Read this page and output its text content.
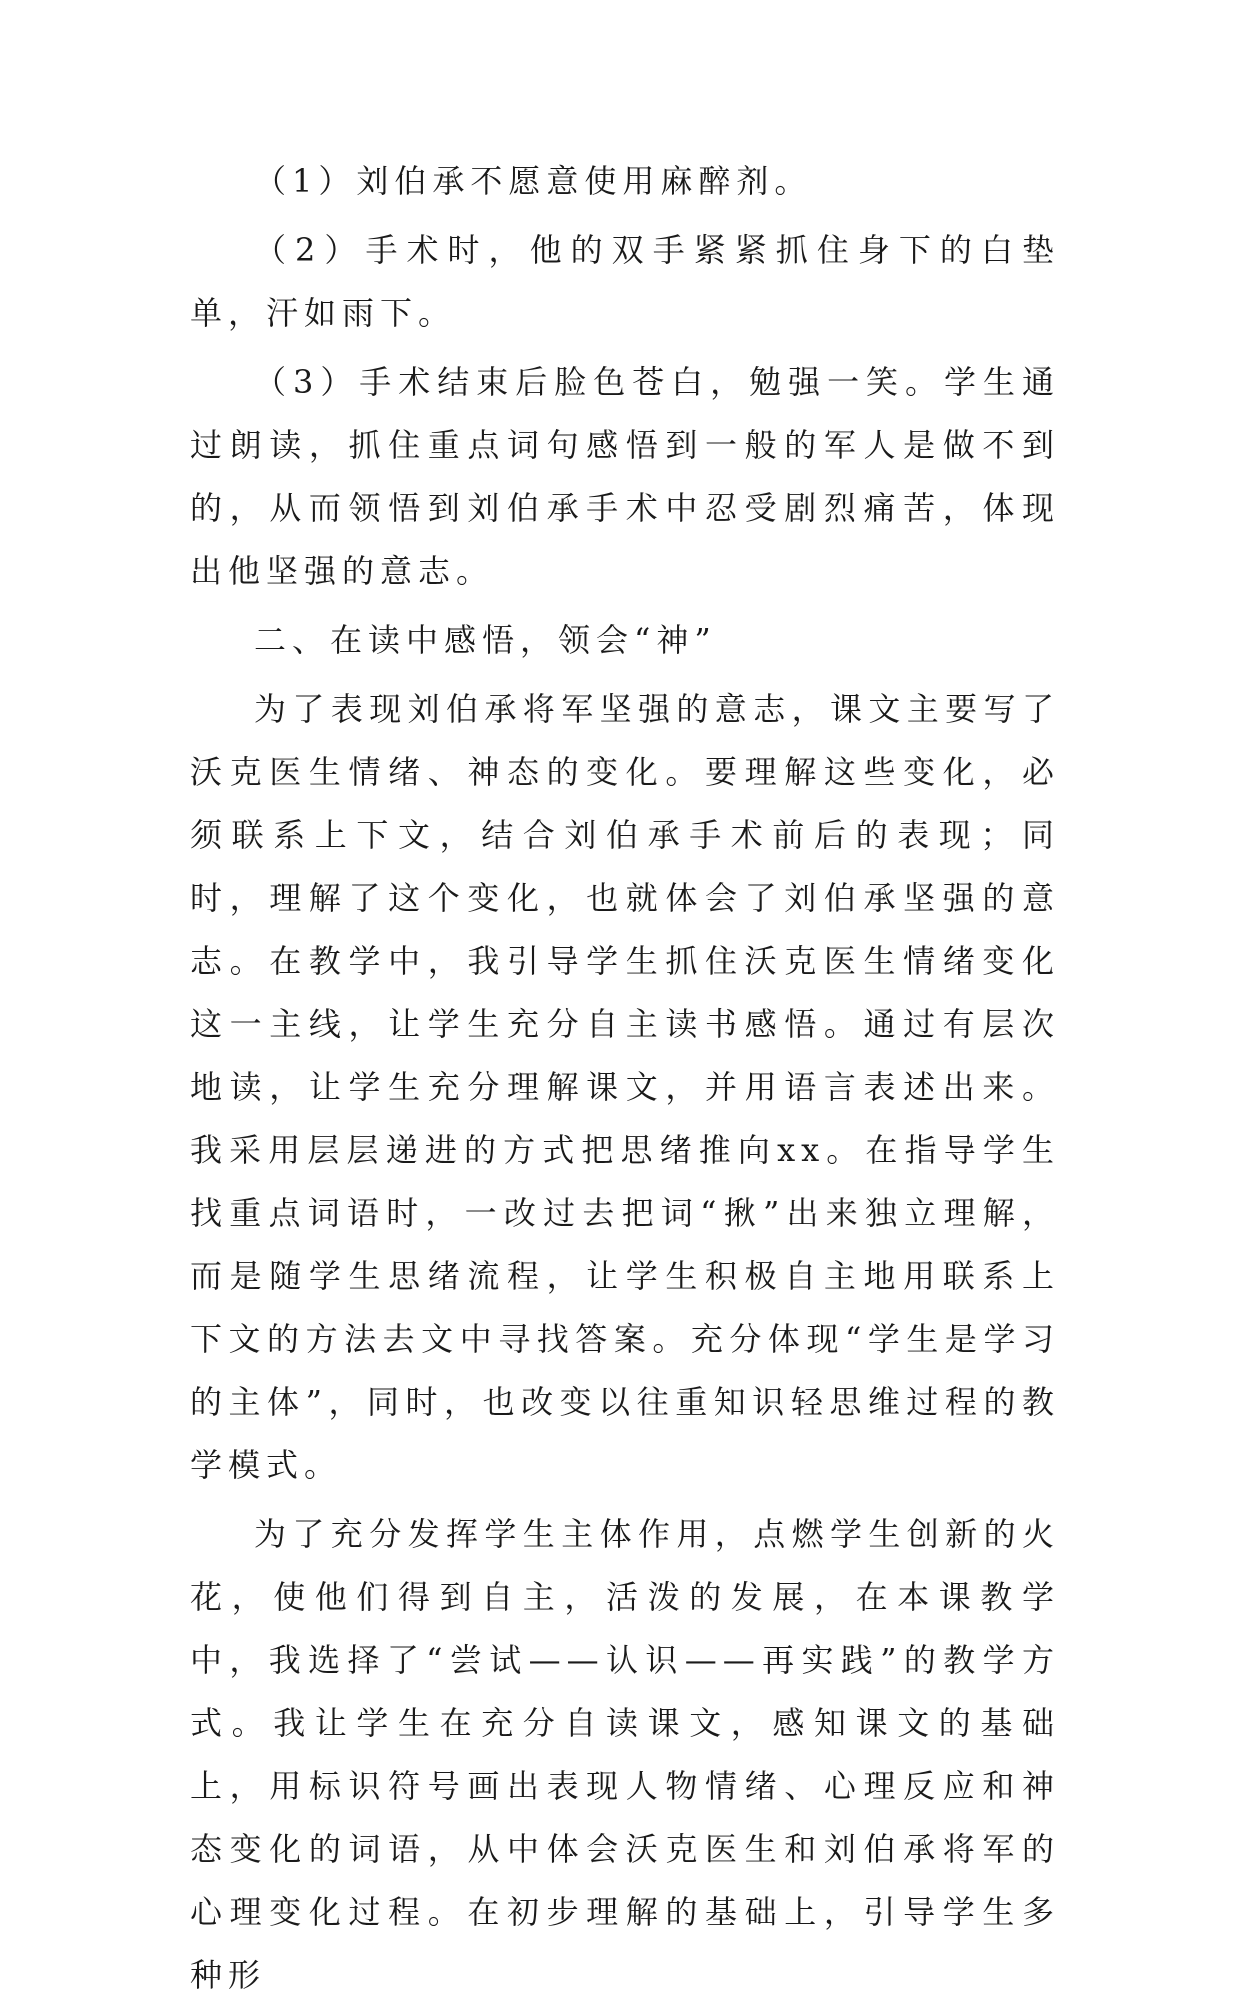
（1）刘伯承不愿意使用麻醉剂。

（2）手术时，他的双手紧紧抓住身下的白垫单，汗如雨下。

（3）手术结束后脸色苍白，勉强一笑。学生通过朗读，抓住重点词句感悟到一般的军人是做不到的，从而领悟到刘伯承手术中忍受剧烈痛苦，体现出他坚强的意志。

二、在读中感悟，领会“神”

为了表现刘伯承将军坚强的意志，课文主要写了沃克医生情绪、神态的变化。要理解这些变化，必须联系上下文，结合刘伯承手术前后的表现；同时，理解了这个变化，也就体会了刘伯承坚强的意志。在教学中，我引导学生抓住沃克医生情绪变化这一主线，让学生充分自主读书感悟。通过有层次地读，让学生充分理解课文，并用语言表述出来。我采用层层递进的方式把思绪推向xx。在指导学生找重点词语时，一改过去把词“揪”出来独立理解，而是随学生思绪流程，让学生积极自主地用联系上下文的方法去文中寻找答案。充分体现“学生是学习的主体”，同时，也改变以往重知识轻思维过程的教学模式。

为了充分发挥学生主体作用，点燃学生创新的火花，使他们得到自主，活泼的发展，在本课教学中，我选择了“尝试——认识——再实践”的教学方式。我让学生在充分自读课文，感知课文的基础上，用标识符号画出表现人物情绪、心理反应和神态变化的词语，从中体会沃克医生和刘伯承将军的心理变化过程。在初步理解的基础上，引导学生多种形
